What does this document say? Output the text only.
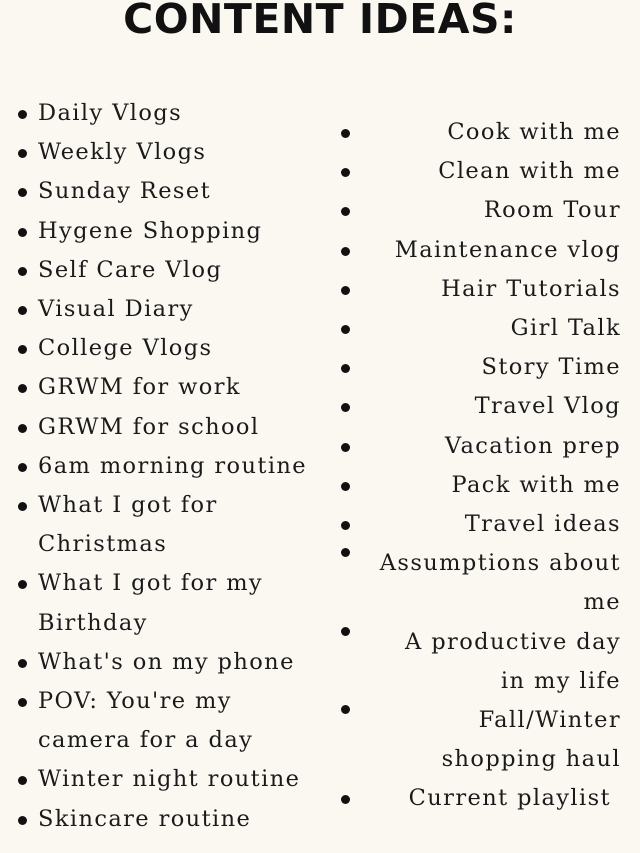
CONTENT IDEAS:
Daily Vlogs
Weekly Vlogs
Sunday Reset
Hygene Shopping
Self Care Vlog
Visual Diary
College Vlogs
GRWM for work
GRWM for school
6am morning routine
What I got for
Christmas
What I got for my
Birthday
What's on my phone
POV: You're my
camera for a day
Winter night routine
Skincare routine
Cook with me
Clean with me
Room Tour
Maintenance vlog
Hair Tutorials
Girl Talk
Story Time
Travel Vlog
Vacation prep
Pack with me
Travel ideas
Assumptions about
me
A productive day
in my life
Fall/Winter
shopping haul
Current playlist
